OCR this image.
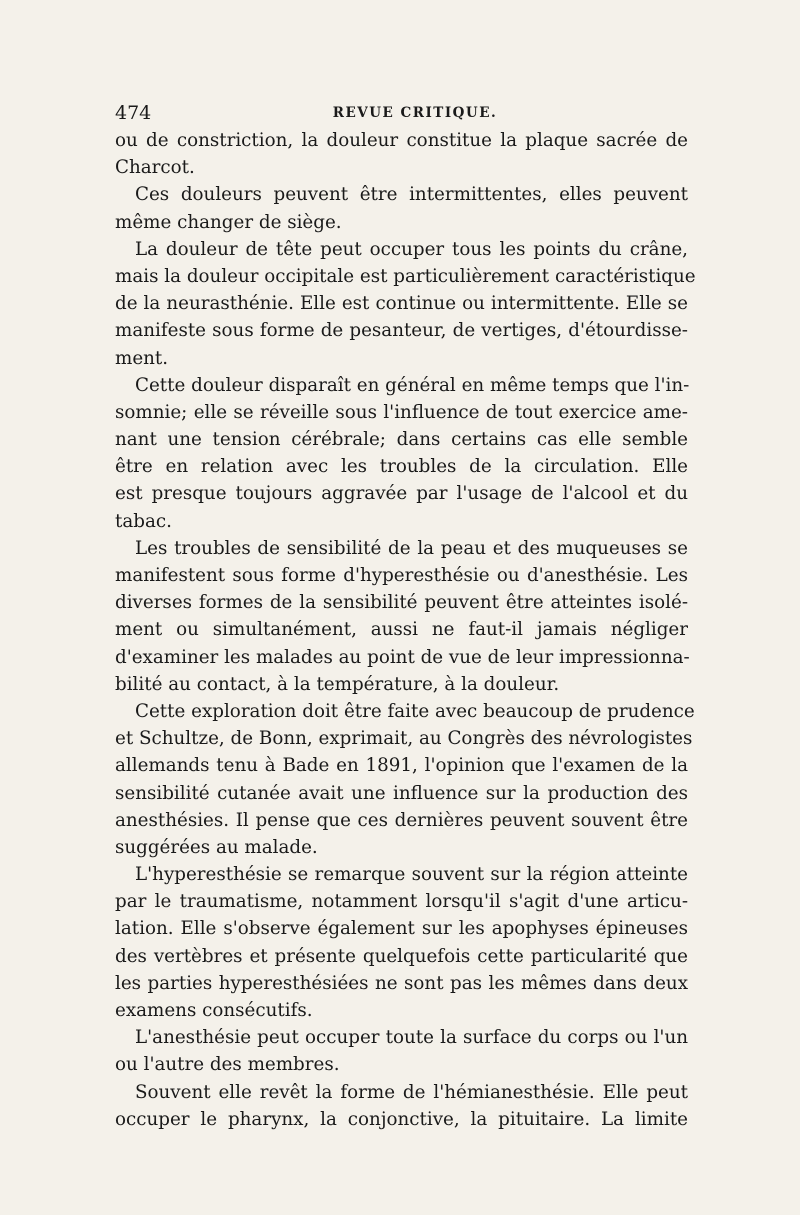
474	REVUE CRITIQUE.
ou de constriction, la douleur constitue la plaque sacrée de
Charcot.
Ces douleurs peuvent être intermittentes, elles peuvent
même changer de siège.
La douleur de tête peut occuper tous les points du crâne,
mais la douleur occipitale est particulièrement caractéristique
de la neurasthénie. Elle est continue ou intermittente. Elle se
manifeste sous forme de pesanteur, de vertiges, d'étourdisse-
ment.
Cette douleur disparaît en général en même temps que l'in-
somnie; elle se réveille sous l'influence de tout exercice ame-
nant une tension cérébrale; dans certains cas elle semble
être en relation avec les troubles de la circulation. Elle
est presque toujours aggravée par l'usage de l'alcool et du
tabac.
Les troubles de sensibilité de la peau et des muqueuses se
manifestent sous forme d'hyperesthésie ou d'anesthésie. Les
diverses formes de la sensibilité peuvent être atteintes isolé-
ment ou simultanément, aussi ne faut-il jamais négliger
d'examiner les malades au point de vue de leur impressionna-
bilité au contact, à la température, à la douleur.
Cette exploration doit être faite avec beaucoup de prudence
et Schultze, de Bonn, exprimait, au Congrès des névrologistes
allemands tenu à Bade en 1891, l'opinion que l'examen de la
sensibilité cutanée avait une influence sur la production des
anesthésies. Il pense que ces dernières peuvent souvent être
suggérées au malade.
L'hyperesthésie se remarque souvent sur la région atteinte
par le traumatisme, notamment lorsqu'il s'agit d'une articu-
lation. Elle s'observe également sur les apophyses épineuses
des vertèbres et présente quelquefois cette particularité que
les parties hyperesthésiées ne sont pas les mêmes dans deux
examens consécutifs.
L'anesthésie peut occuper toute la surface du corps ou l'un
ou l'autre des membres.
Souvent elle revêt la forme de l'hémianesthésie. Elle peut
occuper le pharynx, la conjonctive, la pituitaire. La limite
